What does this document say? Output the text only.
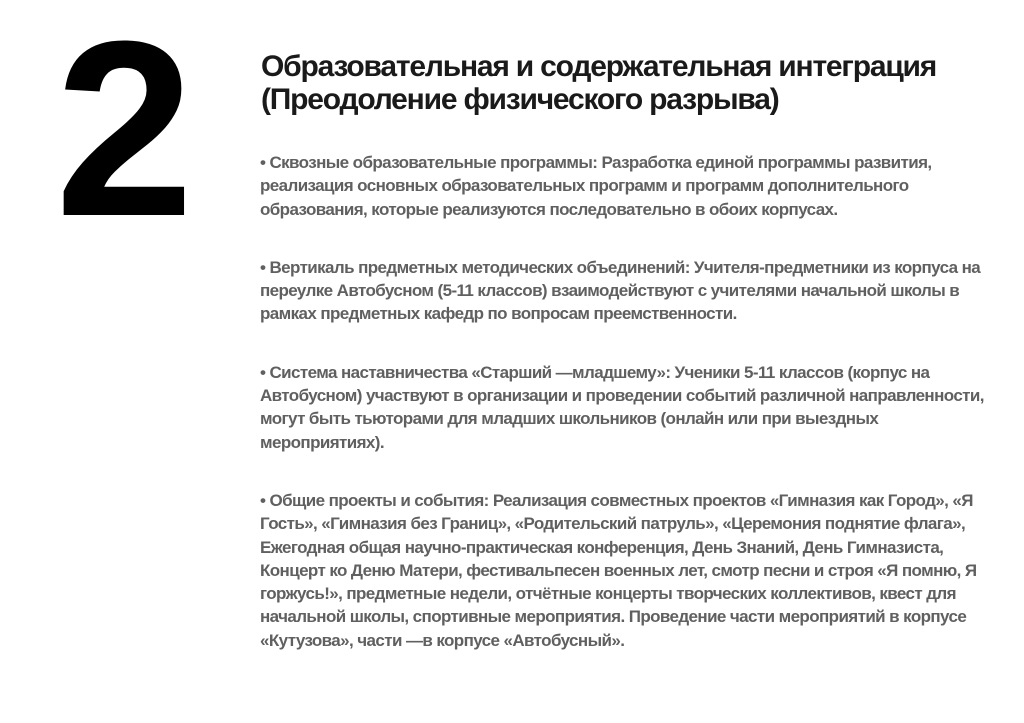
2 Образовательная и содержательная интеграция (Преодоление физического разрыва)
• Сквозные образовательные программы: Разработка единой программы развития, реализация основных образовательных программ и программ дополнительного образования, которые реализуются последовательно в обоих корпусах.
• Вертикаль предметных методических объединений: Учителя-предметники из корпуса на переулке Автобусном (5-11 классов) взаимодействуют с учителями начальной школы в рамках предметных кафедр по вопросам преемственности.
• Система наставничества «Старший —младшему»: Ученики 5-11 классов (корпус на Автобусном) участвуют в организации и проведении событий различной направленности, могут быть тьюторами для младших школьников (онлайн или при выездных мероприятиях).
• Общие проекты и события: Реализация совместных проектов «Гимназия как Город», «Я Гость», «Гимназия без Границ», «Родительский патруль», «Церемония поднятие флага», Ежегодная общая научно-практическая конференция, День Знаний, День Гимназиста, Концерт ко Деню Матери, фестивальпесен военных лет, смотр песни и строя «Я помню, Я горжусь!», предметные недели, отчётные концерты творческих коллективов, квест для начальной школы, спортивные мероприятия. Проведение части мероприятий в корпусе «Кутузова», части —в корпусе «Автобусный».
